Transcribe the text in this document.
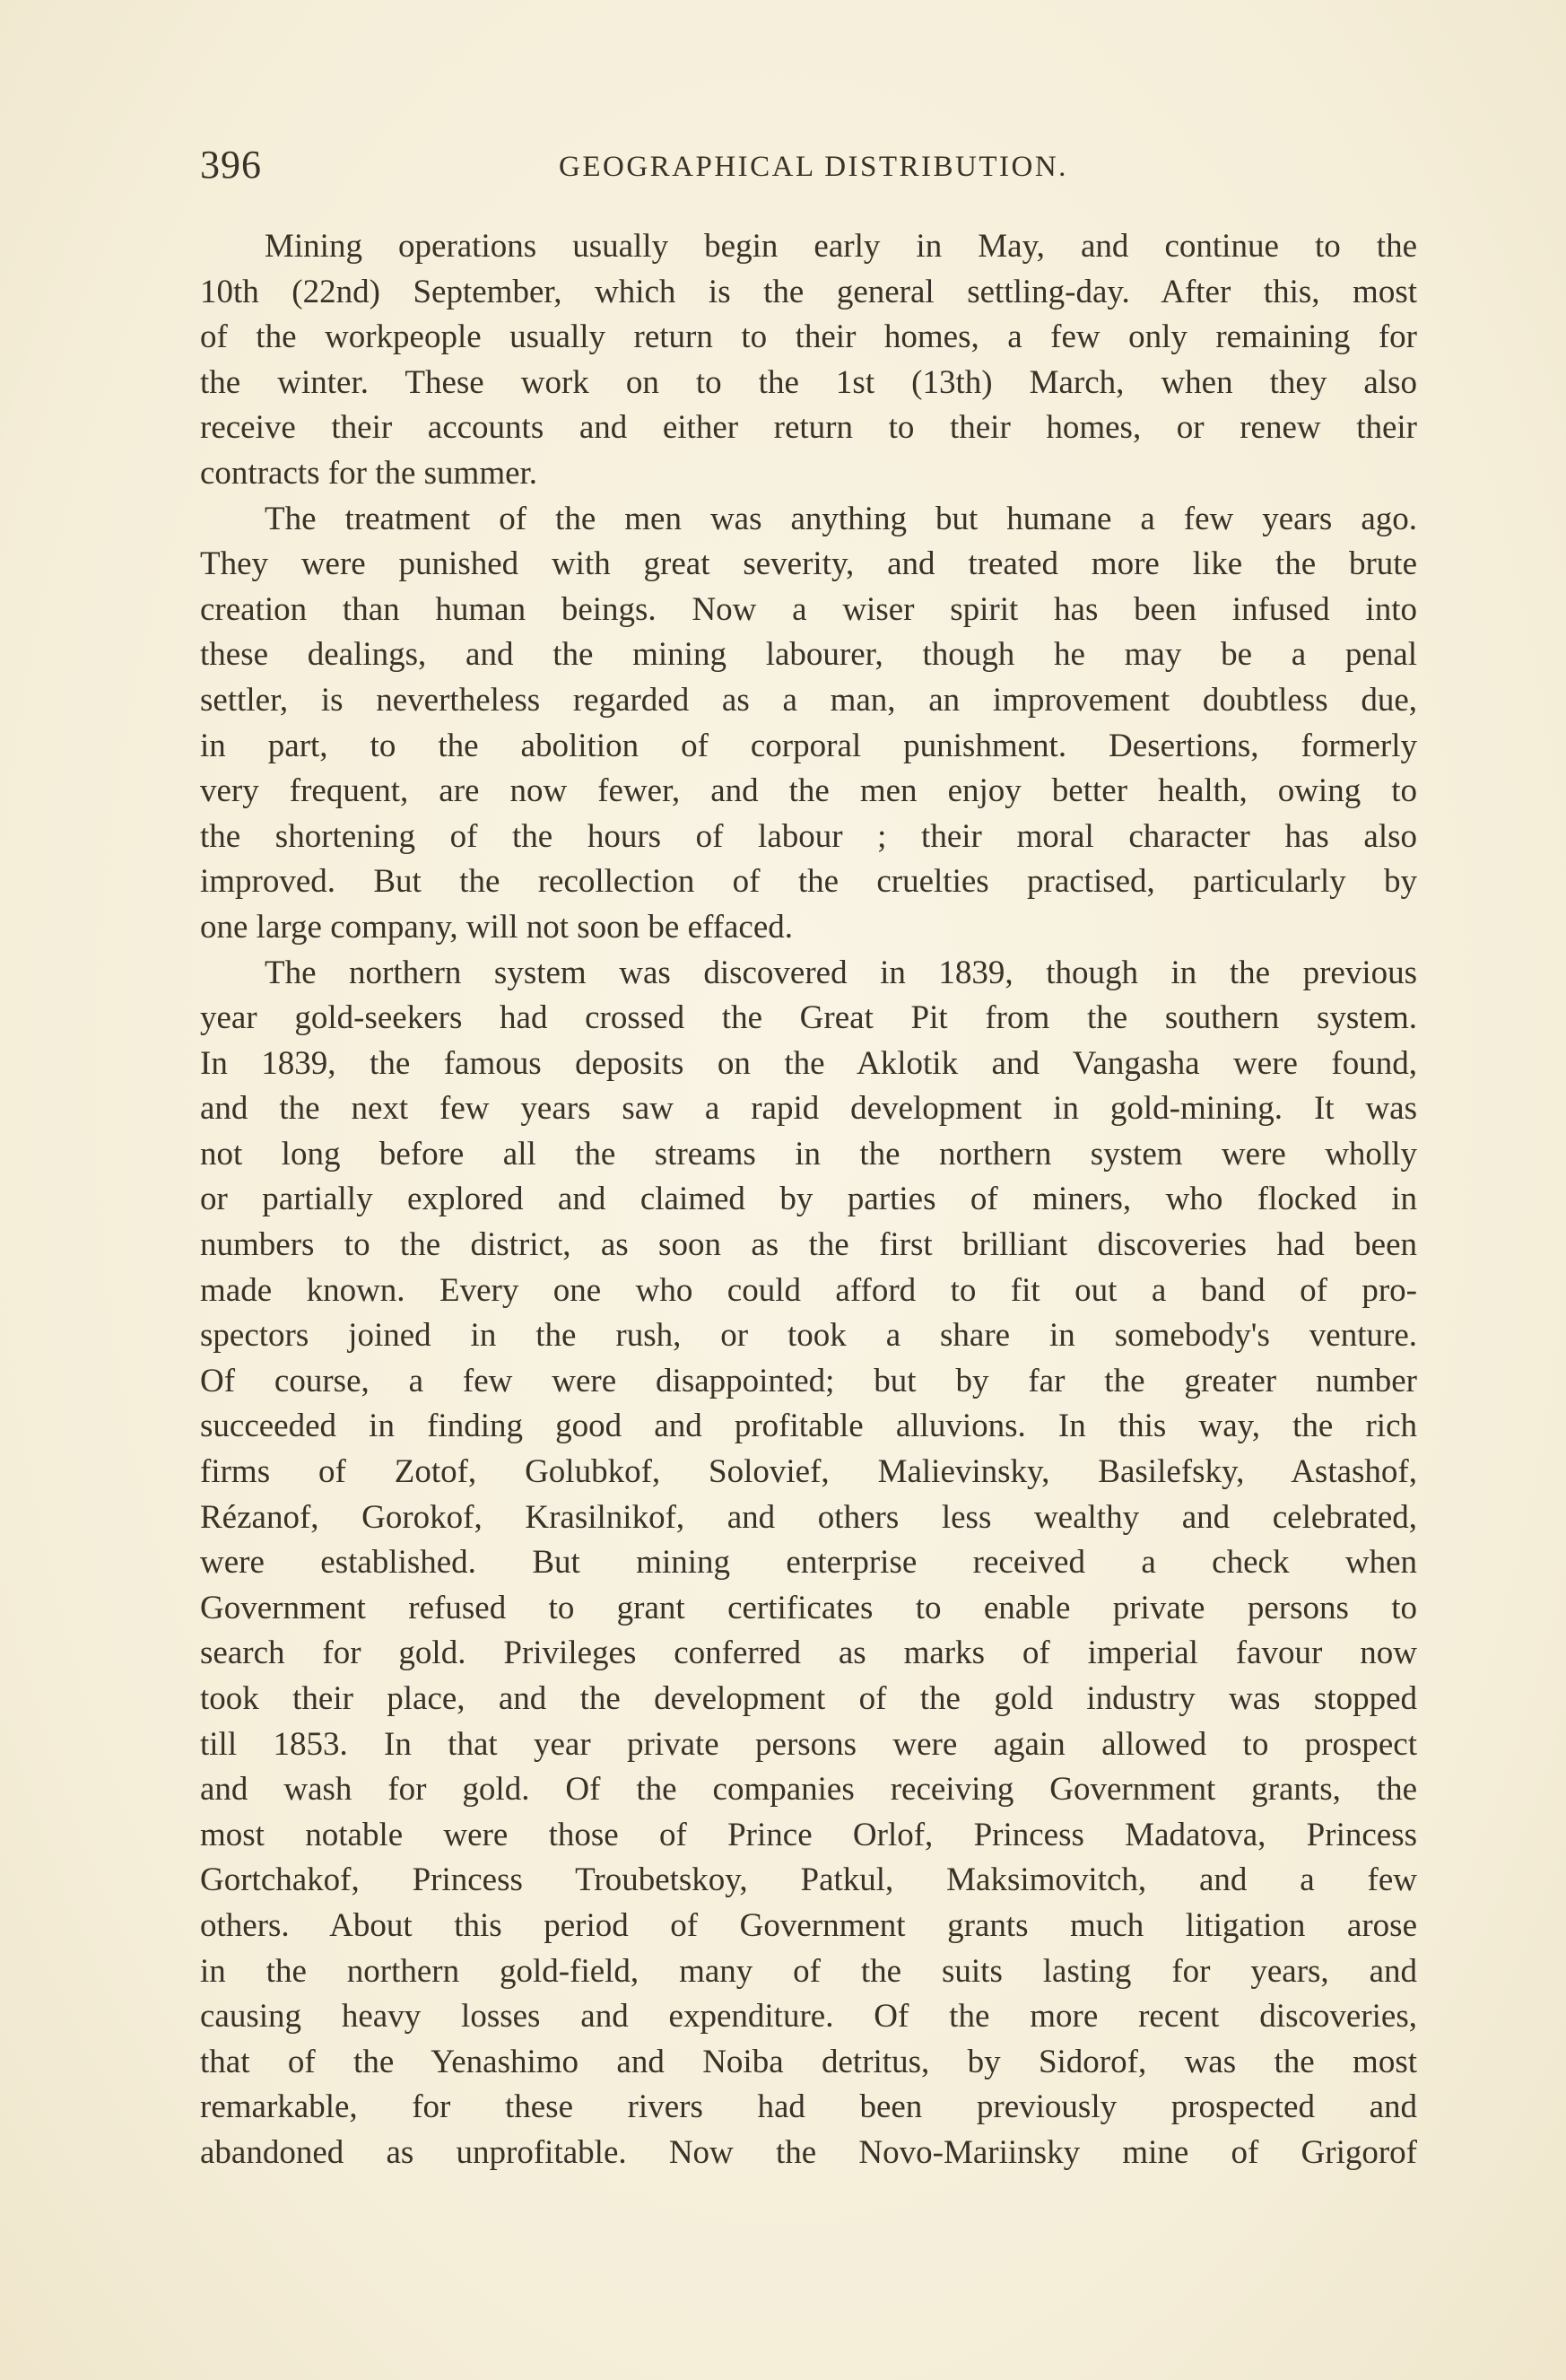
396	GEOGRAPHICAL DISTRIBUTION.
Mining operations usually begin early in May, and continue to the
10th (22nd) September, which is the general settling-day. After this, most
of the workpeople usually return to their homes, a few only remaining for
the winter. These work on to the 1st (13th) March, when they also
receive their accounts and either return to their homes, or renew their
contracts for the summer.
The treatment of the men was anything but humane a few years ago.
They were punished with great severity, and treated more like the brute
creation than human beings. Now a wiser spirit has been infused into
these dealings, and the mining labourer, though he may be a penal
settler, is nevertheless regarded as a man, an improvement doubtless due,
in part, to the abolition of corporal punishment. Desertions, formerly
very frequent, are now fewer, and the men enjoy better health, owing to
the shortening of the hours of labour ; their moral character has also
improved. But the recollection of the cruelties practised, particularly by
one large company, will not soon be effaced.
The northern system was discovered in 1839, though in the previous
year gold-seekers had crossed the Great Pit from the southern system.
In 1839, the famous deposits on the Aklotik and Vangasha were found,
and the next few years saw a rapid development in gold-mining. It was
not long before all the streams in the northern system were wholly
or partially explored and claimed by parties of miners, who flocked in
numbers to the district, as soon as the first brilliant discoveries had been
made known. Every one who could afford to fit out a band of pro-
spectors joined in the rush, or took a share in somebody's venture.
Of course, a few were disappointed; but by far the greater number
succeeded in finding good and profitable alluvions. In this way, the rich
firms of Zotof, Golubkof, Solovief, Malievinsky, Basilefsky, Astashof,
Rézanof, Gorokof, Krasilnikof, and others less wealthy and celebrated,
were established. But mining enterprise received a check when
Government refused to grant certificates to enable private persons to
search for gold. Privileges conferred as marks of imperial favour now
took their place, and the development of the gold industry was stopped
till 1853. In that year private persons were again allowed to prospect
and wash for gold. Of the companies receiving Government grants, the
most notable were those of Prince Orlof, Princess Madatova, Princess
Gortchakof, Princess Troubetskoy, Patkul, Maksimovitch, and a few
others. About this period of Government grants much litigation arose
in the northern gold-field, many of the suits lasting for years, and
causing heavy losses and expenditure. Of the more recent discoveries,
that of the Yenashimo and Noiba detritus, by Sidorof, was the most
remarkable, for these rivers had been previously prospected and
abandoned as unprofitable. Now the Novo-Mariinsky mine of Grigorof
